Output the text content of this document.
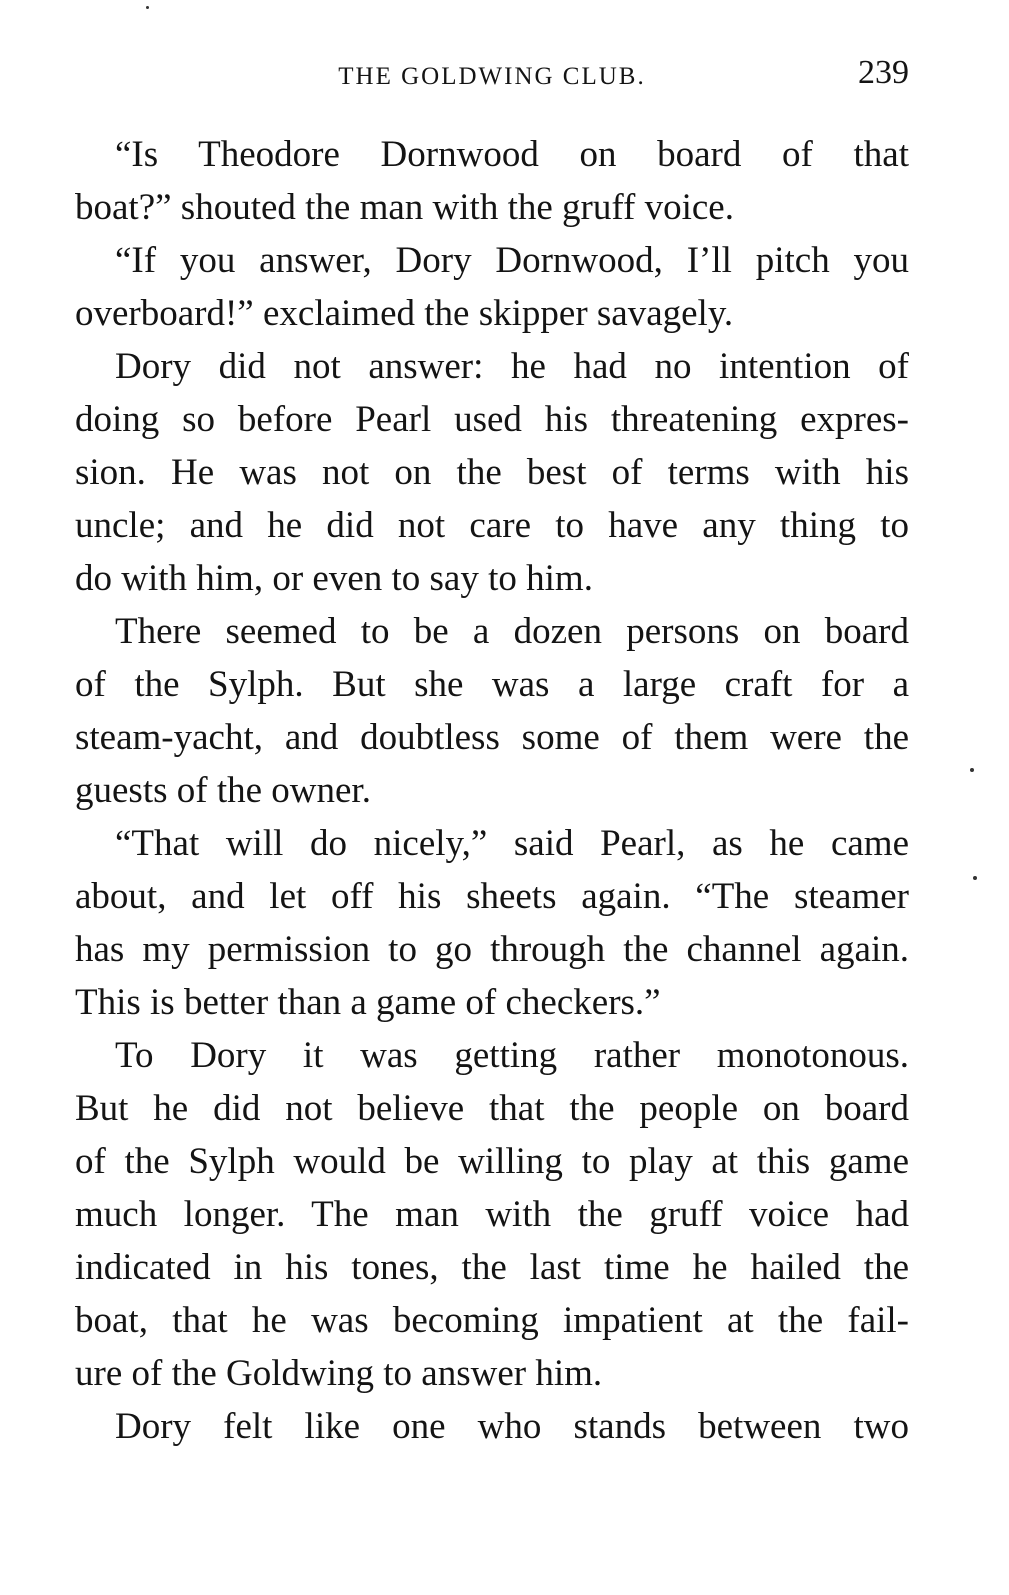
THE GOLDWING CLUB.	239
“Is Theodore Dornwood on board of that
boat?” shouted the man with the gruff voice.
“If you answer, Dory Dornwood, I’ll pitch you
overboard!” exclaimed the skipper savagely.
Dory did not answer: he had no intention of
doing so before Pearl used his threatening expres-
sion. He was not on the best of terms with his
uncle; and he did not care to have any thing to
do with him, or even to say to him.
There seemed to be a dozen persons on board
of the Sylph. But she was a large craft for a
steam-yacht, and doubtless some of them were the
guests of the owner.
“That will do nicely,” said Pearl, as he came
about, and let off his sheets again. “The steamer
has my permission to go through the channel again.
This is better than a game of checkers.”
To Dory it was getting rather monotonous.
But he did not believe that the people on board
of the Sylph would be willing to play at this game
much longer. The man with the gruff voice had
indicated in his tones, the last time he hailed the
boat, that he was becoming impatient at the fail-
ure of the Goldwing to answer him.
Dory felt like one who stands between two
